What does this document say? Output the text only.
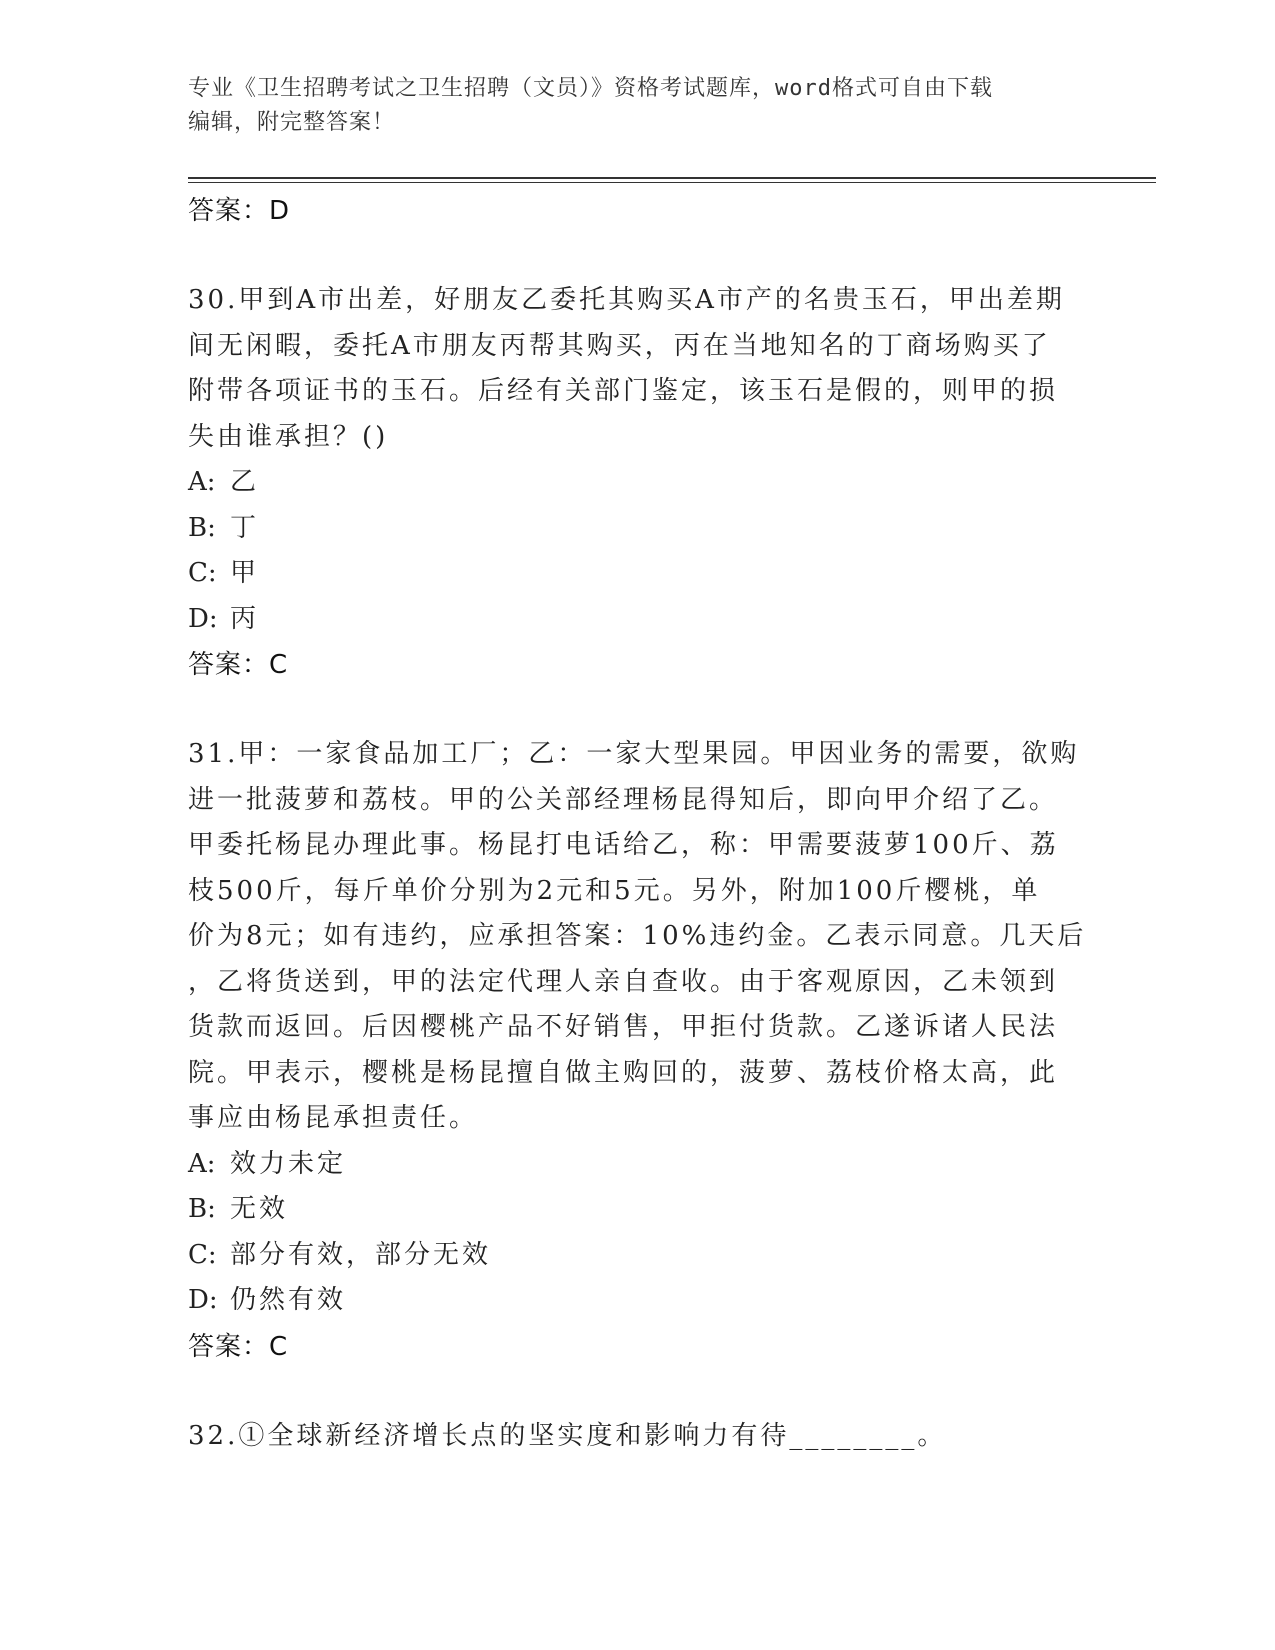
专业《卫生招聘考试之卫生招聘（文员）》资格考试题库，word格式可自由下载
编辑，附完整答案！
答案：D
30.甲到A市出差，好朋友乙委托其购买A市产的名贵玉石，甲出差期
间无闲暇，委托A市朋友丙帮其购买，丙在当地知名的丁商场购买了
附带各项证书的玉石。后经有关部门鉴定，该玉石是假的，则甲的损
失由谁承担？()
A: 乙
B: 丁
C: 甲
D: 丙
答案：C
31.甲：一家食品加工厂；乙：一家大型果园。甲因业务的需要，欲购
进一批菠萝和荔枝。甲的公关部经理杨昆得知后，即向甲介绍了乙。
甲委托杨昆办理此事。杨昆打电话给乙，称：甲需要菠萝100斤、荔
枝500斤，每斤单价分别为2元和5元。另外，附加100斤樱桃，单
价为8元；如有违约，应承担答案：10%违约金。乙表示同意。几天后
，乙将货送到，甲的法定代理人亲自查收。由于客观原因，乙未领到
货款而返回。后因樱桃产品不好销售，甲拒付货款。乙遂诉诸人民法
院。甲表示，樱桃是杨昆擅自做主购回的，菠萝、荔枝价格太高，此
事应由杨昆承担责任。
A: 效力未定
B: 无效
C: 部分有效，部分无效
D: 仍然有效
答案：C
32.①全球新经济增长点的坚实度和影响力有待________。
